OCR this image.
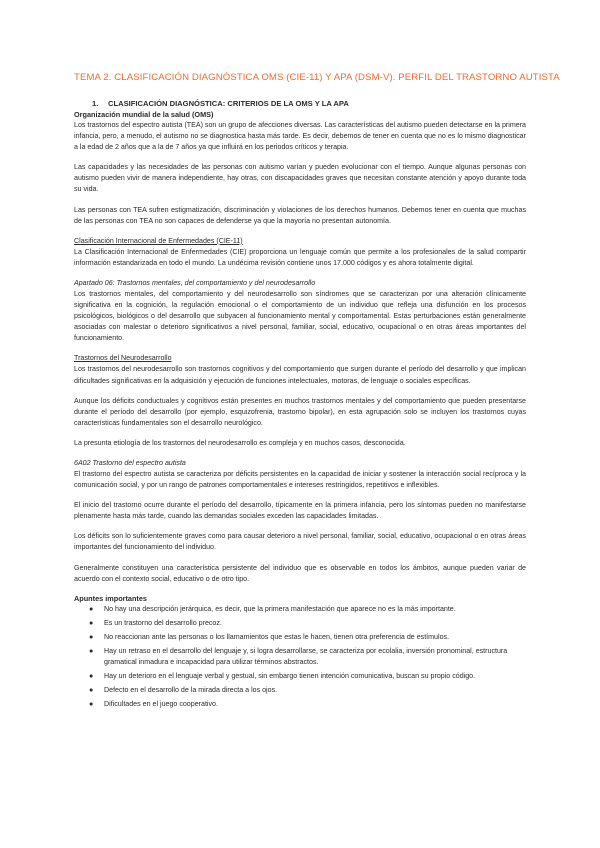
TEMA 2. CLASIFICACIÓN DIAGNÓSTICA OMS (CIE-11) Y APA (DSM-V). PERFIL DEL TRASTORNO AUTISTA
1. CLASIFICACIÓN DIAGNÓSTICA: CRITERIOS DE LA OMS Y LA APA
Organización mundial de la salud (OMS)

Los trastornos del espectro autista (TEA) son un grupo de afecciones diversas. Las características del autismo pueden detectarse en la primera infancia, pero, a menudo, el autismo no se diagnostica hasta más tarde. Es decir, debemos de tener en cuenta que no es lo mismo diagnosticar a la edad de 2 años que a la de 7 años ya que influirá en los periodos críticos y terapia.

Las capacidades y las necesidades de las personas con autismo varían y pueden evolucionar con el tiempo. Aunque algunas personas con autismo pueden vivir de manera independiente, hay otras, con discapacidades graves que necesitan constante atención y apoyo durante toda su vida.

Las personas con TEA sufren estigmatización, discriminación y violaciones de los derechos humanos. Debemos tener en cuenta que muchas de las personas con TEA no son capaces de defenderse ya que la mayoría no presentan autonomía.

Clasificación Internacional de Enfermedades (CIE-11)

La Clasificación Internacional de Enfermedades (CIE) proporciona un lenguaje común que permite a los profesionales de la salud compartir información estandarizada en todo el mundo. La undécima revisión contiene unos 17.000 códigos y es ahora totalmente digital.

Apartado 06: Trastornos mentales, del comportamiento y del neurodesarrollo

Los trastornos mentales, del comportamiento y del neurodesarrollo son síndromes que se caracterizan por una alteración clínicamente significativa en la cognición, la regulación emocional o el comportamiento de un individuo que refleja una disfunción en los procesos psicológicos, biológicos o del desarrollo que subyacen al funcionamiento mental y comportamental. Estas perturbaciones están generalmente asociadas con malestar o deterioro significativos a nivel personal, familiar, social, educativo, ocupacional o en otras áreas importantes del funcionamiento.

Trastornos del Neurodesarrollo

Los trastornos del neurodesarrollo son trastornos cognitivos y del comportamiento que surgen durante el período del desarrollo y que implican dificultades significativas en la adquisición y ejecución de funciones intelectuales, motoras, de lenguaje o sociales específicas.

Aunque los déficits conductuales y cognitivos están presentes en muchos trastornos mentales y del comportamiento que pueden presentarse durante el período del desarrollo (por ejemplo, esquizofrenia, trastorno bipolar), en esta agrupación solo se incluyen los trastornos cuyas características fundamentales son el desarrollo neurológico.

La presunta etiología de los trastornos del neurodesarrollo es compleja y en muchos casos, desconocida.

6A02 Trastorno del espectro autista

El trastorno del espectro autista se caracteriza por déficits persistentes en la capacidad de iniciar y sostener la interacción social recíproca y la comunicación social, y por un rango de patrones comportamentales e intereses restringidos, repetitivos e inflexibles.

El inicio del trastorno ocurre durante el período del desarrollo, típicamente en la primera infancia, pero los síntomas pueden no manifestarse plenamente hasta más tarde, cuando las demandas sociales exceden las capacidades limitadas.

Los déficits son lo suficientemente graves como para causar deterioro a nivel personal, familiar, social, educativo, ocupacional o en otras áreas importantes del funcionamiento del individuo.

Generalmente constituyen una característica persistente del individuo que es observable en todos los ámbitos, aunque pueden variar de acuerdo con el contexto social, educativo o de otro tipo.

Apuntes importantes
● No hay una descripción jerárquica, es decir, que la primera manifestación que aparece no es la más importante.
● Es un trastorno del desarrollo precoz.
● No reaccionan ante las personas o los llamamientos que estas le hacen, tienen otra preferencia de estímulos.
● Hay un retraso en el desarrollo del lenguaje y, si logra desarrollarse, se caracteriza por ecolalia, inversión pronominal, estructura gramatical inmadura e incapacidad para utilizar términos abstractos.
● Hay un deterioro en el lenguaje verbal y gestual, sin embargo tienen intención comunicativa, buscan su propio código.
● Defecto en el desarrollo de la mirada directa a los ojos.
● Dificultades en el juego cooperativo.
